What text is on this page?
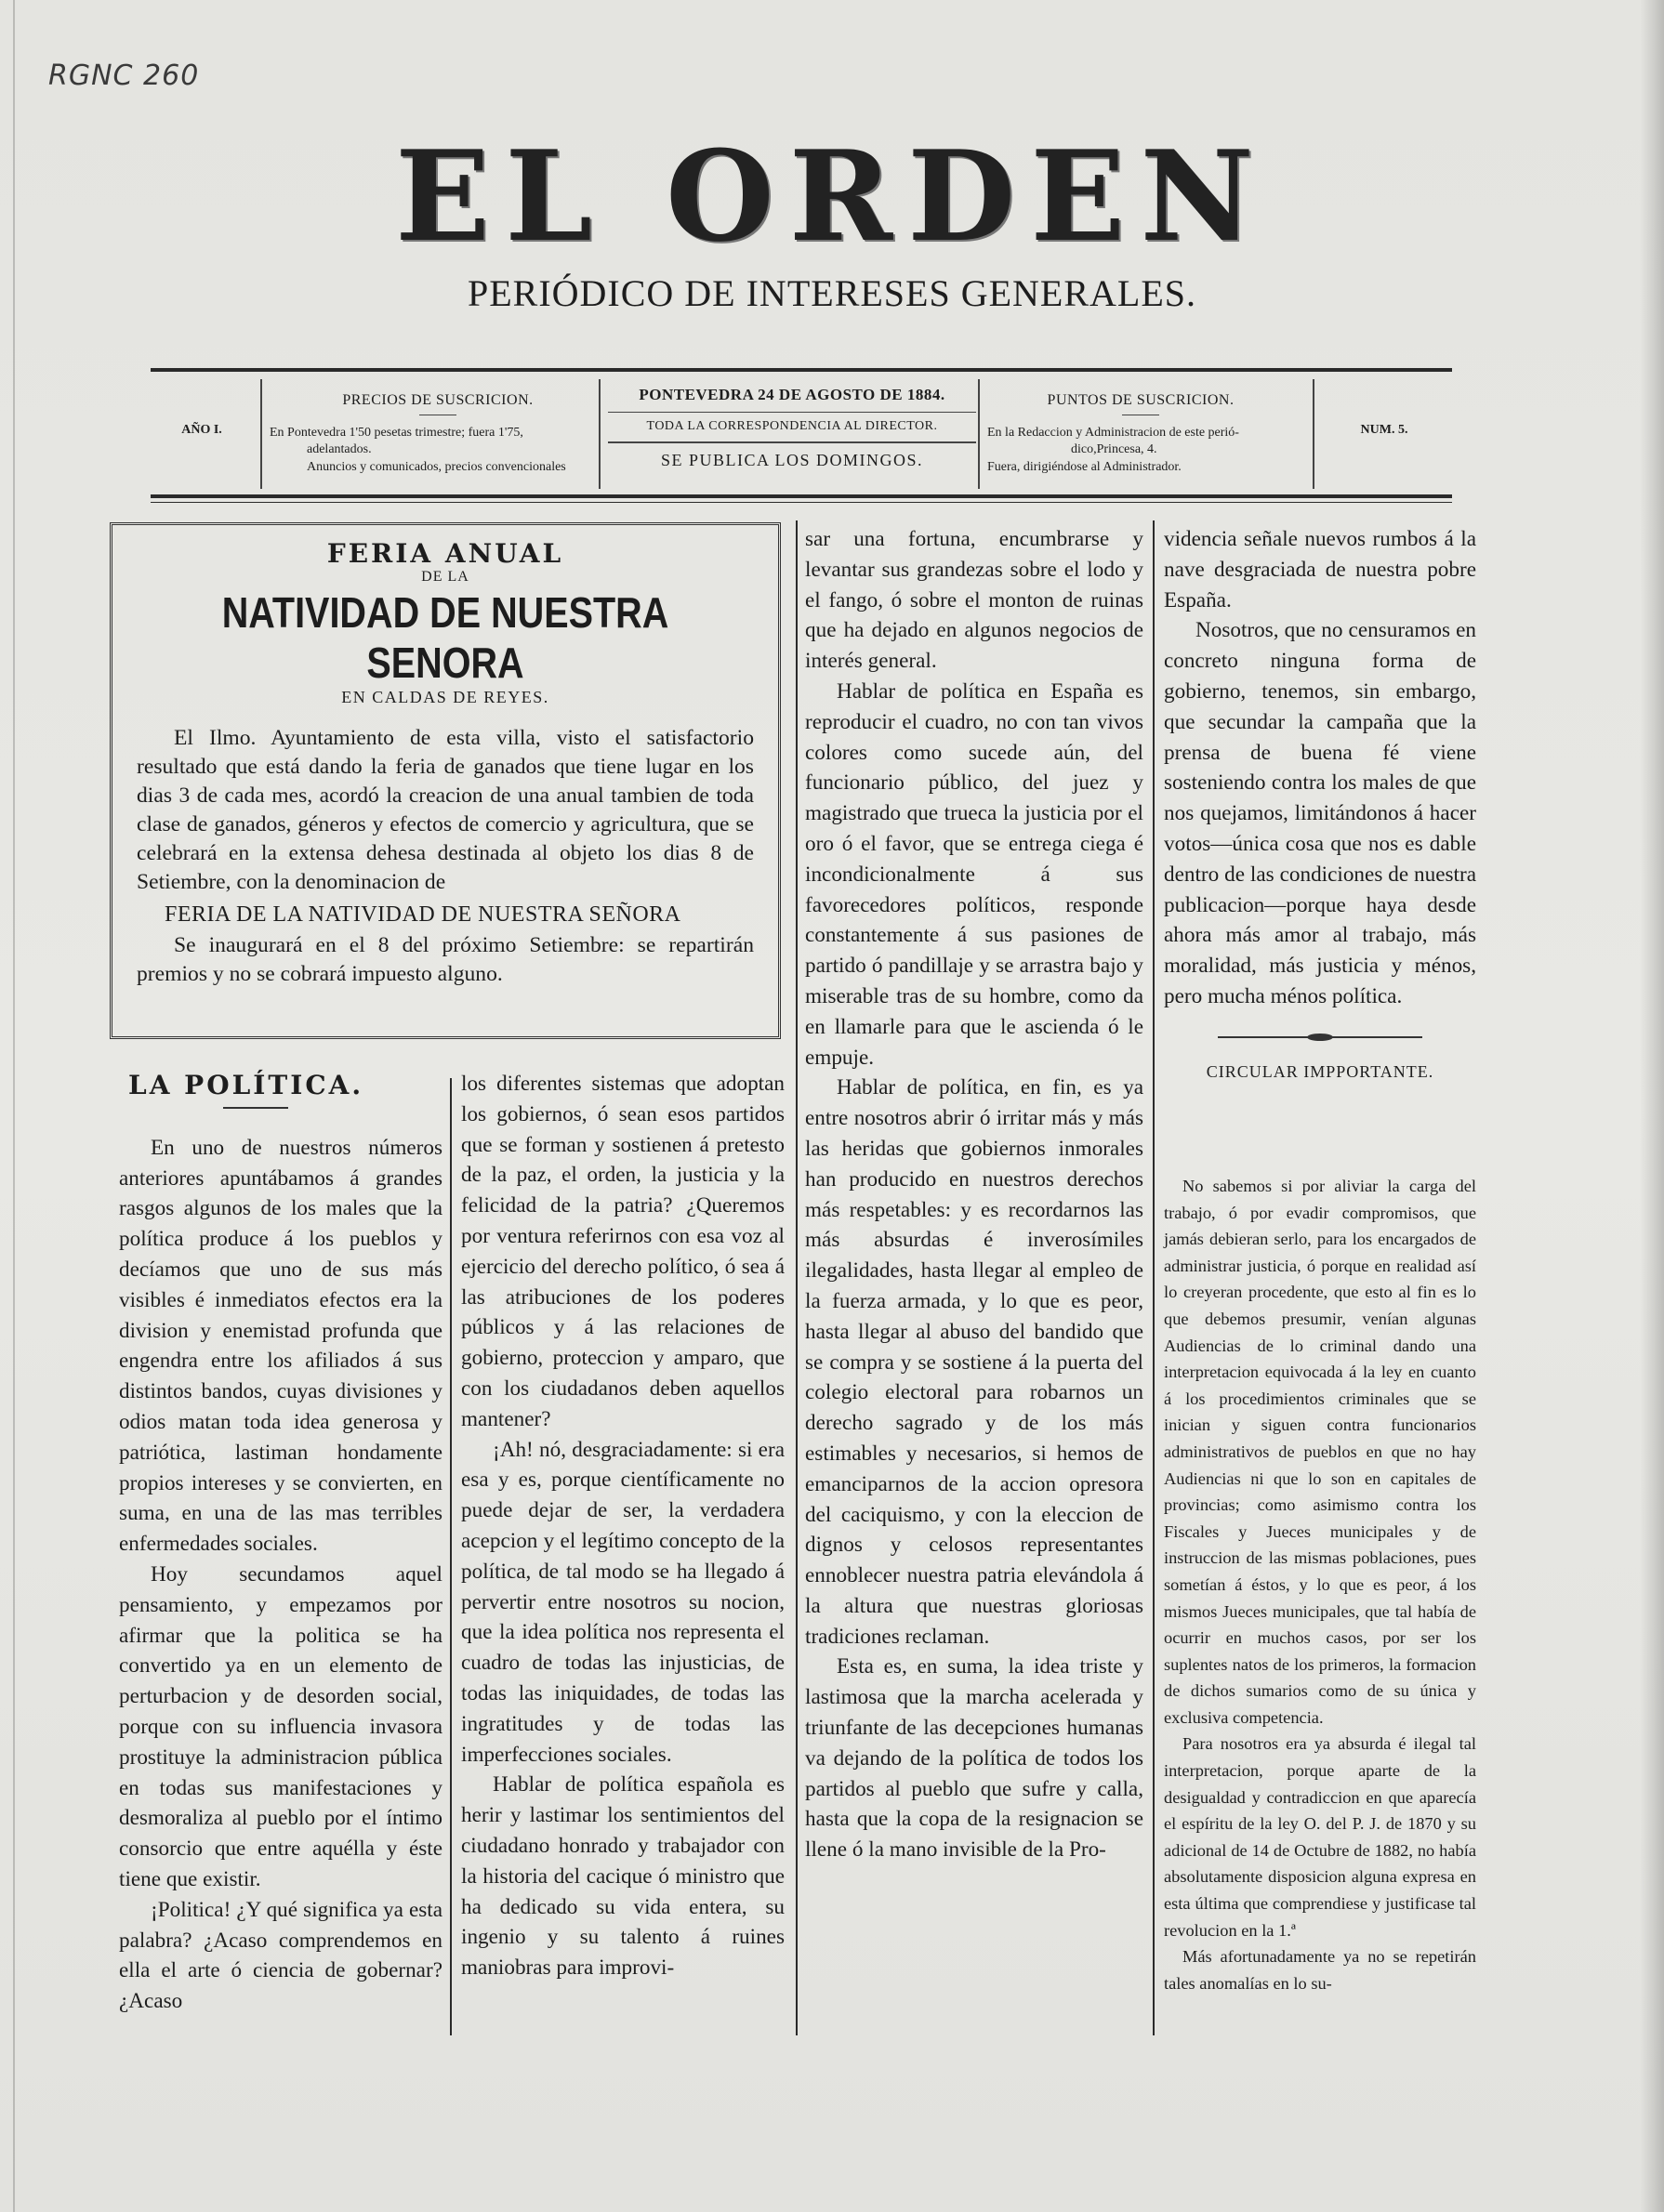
RGNC 260
EL ORDEN
PERIÓDICO DE INTERESES GENERALES.
AÑO I.
PRECIOS DE SUSCRICION.
En Pontevedra 1'50 pesetas trimestre; fuera 1'75,
adelantados.
Anuncios y comunicados, precios convencionales
PONTEVEDRA 24 DE AGOSTO DE 1884.
TODA LA CORRESPONDENCIA AL DIRECTOR.
SE PUBLICA LOS DOMINGOS.
PUNTOS DE SUSCRICION.
En la Redaccion y Administracion de este perió-
dico,Princesa, 4.
Fuera, dirigiéndose al Administrador.
NUM. 5.
FERIA ANUAL
DE LA
NATIVIDAD DE NUESTRA SENORA
EN CALDAS DE REYES.

El Ilmo. Ayuntamiento de esta villa, visto el satisfactorio resultado que está dando la feria de ganados que tiene lugar en los dias 3 de cada mes, acordó la creacion de una anual tambien de toda clase de ganados, géneros y efectos de comercio y agricultura, que se celebrará en la extensa dehesa destinada al objeto los dias 8 de Setiembre, con la denominacion de

FERIA DE LA NATIVIDAD DE NUESTRA SEÑORA

Se inaugurará en el 8 del próximo Setiembre: se repartirán premios y no se cobrará impuesto alguno.

LA POLÍTICA.

En uno de nuestros números anteriores apuntábamos á grandes rasgos algunos de los males que la política produce á los pueblos y decíamos que uno de sus más visibles é inmediatos efectos era la division y enemistad profunda que engendra entre los afiliados á sus distintos bandos, cuyas divisiones y odios matan toda idea generosa y patriótica, lastiman hondamente propios intereses y se convierten, en suma, en una de las mas terribles enfermedades sociales.

Hoy secundamos aquel pensamiento, y empezamos por afirmar que la politica se ha convertido ya en un elemento de perturbacion y de desorden social, porque con su influencia invasora prostituye la administracion pública en todas sus manifestaciones y desmoraliza al pueblo por el íntimo consorcio que entre aquélla y éste tiene que existir.

¡Politica! ¿Y qué significa ya esta palabra? ¿Acaso comprendemos en ella el arte ó ciencia de gobernar? ¿Acaso

los diferentes sistemas que adoptan los gobiernos, ó sean esos partidos que se forman y sostienen á pretesto de la paz, el orden, la justicia y la felicidad de la patria? ¿Queremos por ventura referirnos con esa voz al ejercicio del derecho político, ó sea á las atribuciones de los poderes públicos y á las relaciones de gobierno, proteccion y amparo, que con los ciudadanos deben aquellos mantener?

¡Ah! nó, desgraciadamente: si era esa y es, porque científicamente no puede dejar de ser, la verdadera acepcion y el legítimo concepto de la política, de tal modo se ha llegado á pervertir entre nosotros su nocion, que la idea política nos representa el cuadro de todas las injusticias, de todas las iniquidades, de todas las ingratitudes y de todas las imperfecciones sociales.

Hablar de política española es herir y lastimar los sentimientos del ciudadano honrado y trabajador con la historia del cacique ó ministro que ha dedicado su vida entera, su ingenio y su talento á ruines maniobras para improvi-

sar una fortuna, encumbrarse y levantar sus grandezas sobre el lodo y el fango, ó sobre el monton de ruinas que ha dejado en algunos negocios de interés general.

Hablar de política en España es reproducir el cuadro, no con tan vivos colores como sucede aún, del funcionario público, del juez y magistrado que trueca la justicia por el oro ó el favor, que se entrega ciega é incondicionalmente á sus favorecedores políticos, responde constantemente á sus pasiones de partido ó pandillaje y se arrastra bajo y miserable tras de su hombre, como da en llamarle para que le ascienda ó le empuje.

Hablar de política, en fin, es ya entre nosotros abrir ó irritar más y más las heridas que gobiernos inmorales han producido en nuestros derechos más respetables: y es recordarnos las más absurdas é inverosímiles ilegalidades, hasta llegar al empleo de la fuerza armada, y lo que es peor, hasta llegar al abuso del bandido que se compra y se sostiene á la puerta del colegio electoral para robarnos un derecho sagrado y de los más estimables y necesarios, si hemos de emanciparnos de la accion opresora del caciquismo, y con la eleccion de dignos y celosos representantes ennoblecer nuestra patria elevándola á la altura que nuestras gloriosas tradiciones reclaman.

Esta es, en suma, la idea triste y lastimosa que la marcha acelerada y triunfante de las decepciones humanas va dejando de la política de todos los partidos al pueblo que sufre y calla, hasta que la copa de la resignacion se llene ó la mano invisible de la Pro-

videncia señale nuevos rumbos á la nave desgraciada de nuestra pobre España.

Nosotros, que no censuramos en concreto ninguna forma de gobierno, tenemos, sin embargo, que secundar la campaña que la prensa de buena fé viene sosteniendo contra los males de que nos quejamos, limitándonos á hacer votos—única cosa que nos es dable dentro de las condiciones de nuestra publicacion—porque haya desde ahora más amor al trabajo, más moralidad, más justicia y ménos, pero mucha ménos política.

CIRCULAR IMPPORTANTE.

No sabemos si por aliviar la carga del trabajo, ó por evadir compromisos, que jamás debieran serlo, para los encargados de administrar justicia, ó porque en realidad así lo creyeran procedente, que esto al fin es lo que debemos presumir, venían algunas Audiencias de lo criminal dando una interpretacion equivocada á la ley en cuanto á los procedimientos criminales que se inician y siguen contra funcionarios administrativos de pueblos en que no hay Audiencias ni que lo son en capitales de provincias; como asimismo contra los Fiscales y Jueces municipales y de instruccion de las mismas poblaciones, pues sometían á éstos, y lo que es peor, á los mismos Jueces municipales, que tal había de ocurrir en muchos casos, por ser los suplentes natos de los primeros, la formacion de dichos sumarios como de su única y exclusiva competencia.

Para nosotros era ya absurda é ilegal tal interpretacion, porque aparte de la desigualdad y contradiccion en que aparecía el espíritu de la ley O. del P. J. de 1870 y su adicional de 14 de Octubre de 1882, no había absolutamente disposicion alguna expresa en esta última que comprendiese y justificase tal revolucion en la 1.ª

Más afortunadamente ya no se repetirán tales anomalías en lo su-
